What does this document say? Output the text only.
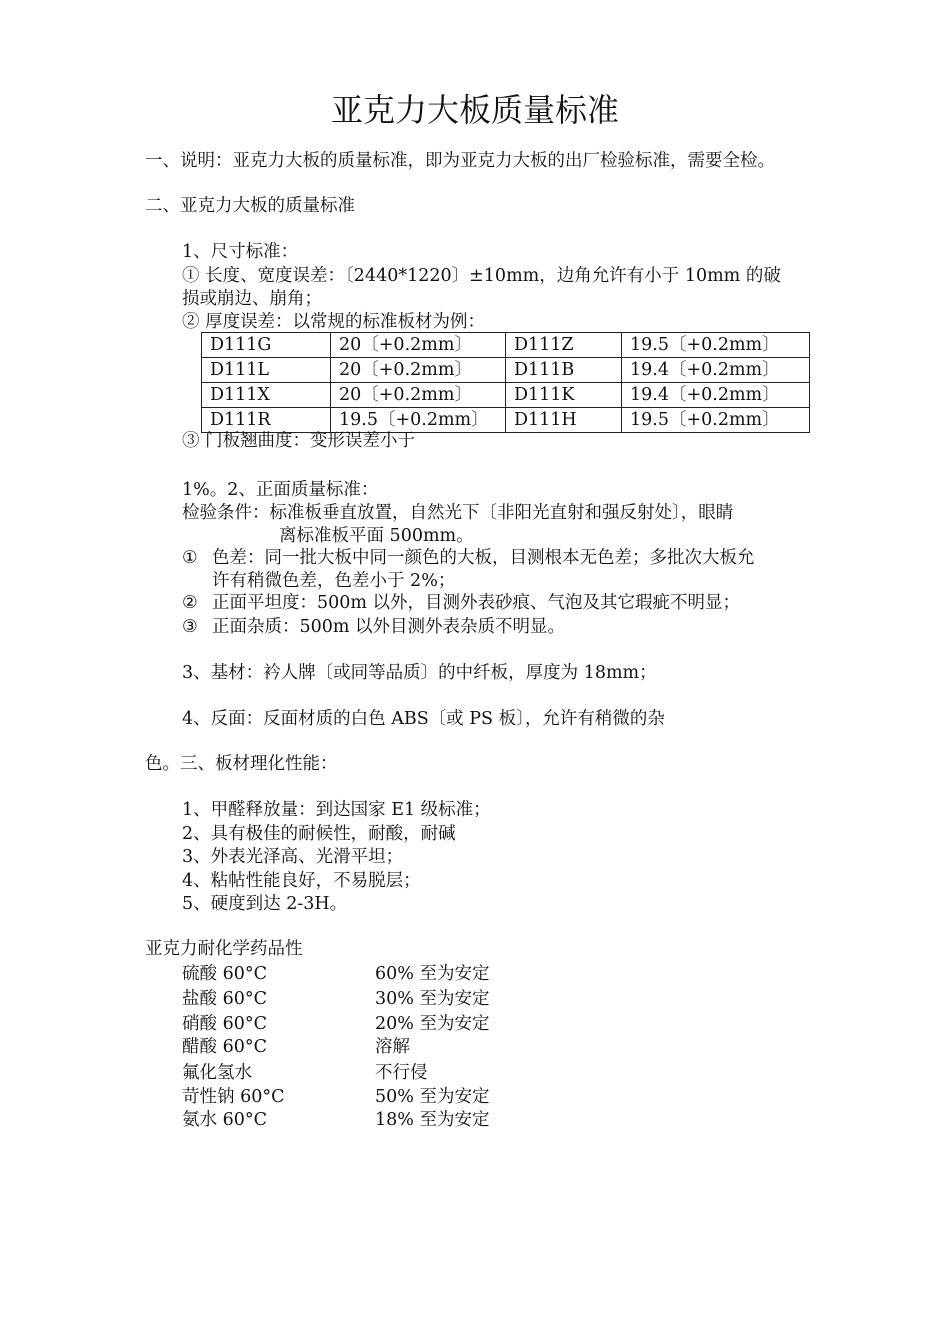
亚克力大板质量标准
一、说明：亚克力大板的质量标准，即为亚克力大板的出厂检验标准，需要全检。
二、亚克力大板的质量标准
1、尺寸标准：
① 长度、宽度误差：〔2440*1220〕±10mm，边角允许有小于 10mm 的破
损或崩边、崩角；
② 厚度误差：以常规的标准板材为例：
D111G	20〔+0.2mm〕	D111Z	19.5〔+0.2mm〕
D111L	20〔+0.2mm〕	D111B	19.4〔+0.2mm〕
D111X	20〔+0.2mm〕	D111K	19.4〔+0.2mm〕
D111R	19.5〔+0.2mm〕	D111H	19.5〔+0.2mm〕
③ 门板翘曲度：变形误差小于
1%。2、正面质量标准：
检验条件：标准板垂直放置，自然光下〔非阳光直射和强反射处〕，眼睛
离标准板平面 500mm。
① 色差：同一批大板中同一颜色的大板，目测根本无色差；多批次大板允
许有稍微色差，色差小于 2%；
② 正面平坦度：500m 以外，目测外表砂痕、气泡及其它瑕疵不明显；
③ 正面杂质：500m 以外目测外表杂质不明显。
3、基材：衿人牌〔或同等品质〕的中纤板，厚度为 18mm；
4、反面：反面材质的白色 ABS〔或 PS 板〕，允许有稍微的杂
色。三、板材理化性能：
1、甲醛释放量：到达国家 E1 级标准；
2、具有极佳的耐候性，耐酸，耐碱
3、外表光泽高、光滑平坦；
4、粘帖性能良好，不易脱层；
5、硬度到达 2-3H。
亚克力耐化学药品性
硫酸 60°C	60% 至为安定
盐酸 60°C	30% 至为安定
硝酸 60°C	20% 至为安定
醋酸 60°C	溶解
氟化氢水	不行侵
苛性钠 60°C	50% 至为安定
氨水 60°C	18% 至为安定
